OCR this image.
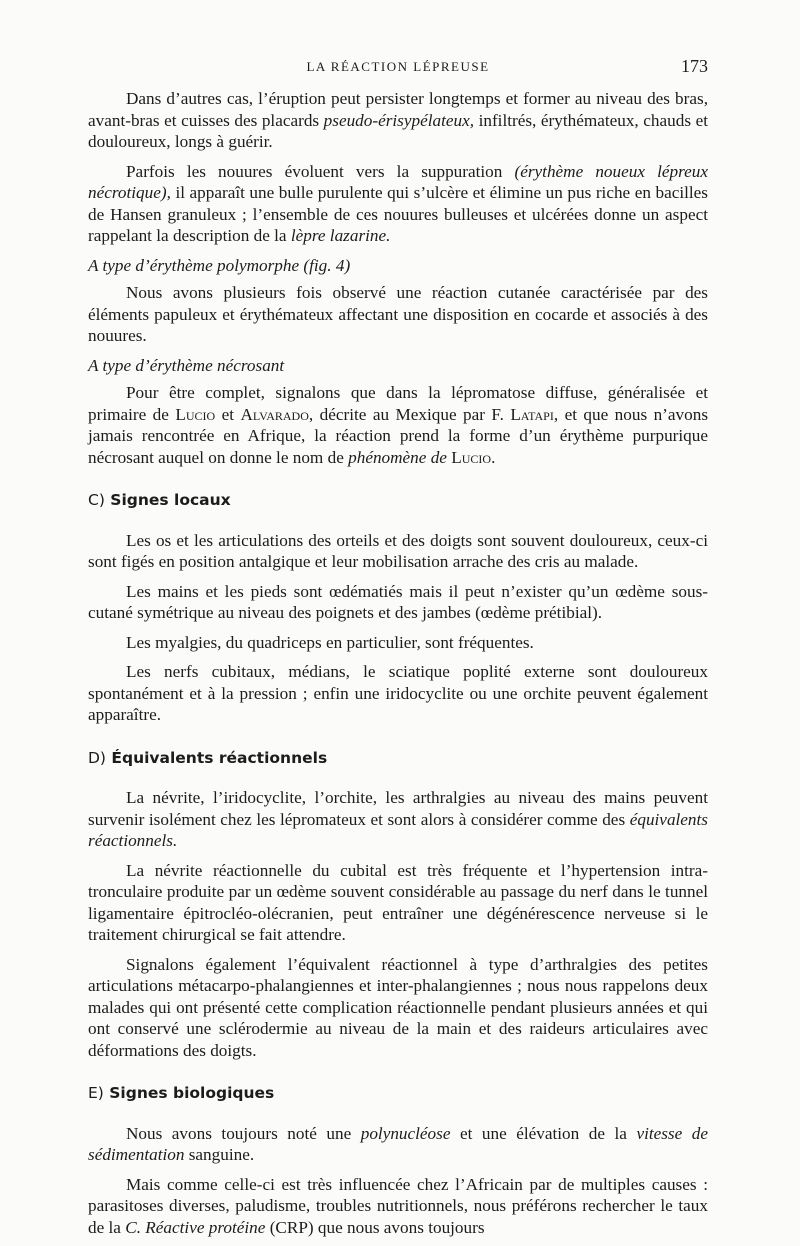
LA RÉACTION LÉPREUSE	173

Dans d’autres cas, l’éruption peut persister longtemps et former au niveau des bras, avant-bras et cuisses des placards pseudo-érisypélateux, infiltrés, érythémateux, chauds et douloureux, longs à guérir.

Parfois les nouures évoluent vers la suppuration (érythème noueux lépreux nécrotique), il apparaît une bulle purulente qui s’ulcère et élimine un pus riche en bacilles de Hansen granuleux ; l’ensemble de ces nouures bulleuses et ulcérées donne un aspect rappelant la description de la lèpre lazarine.

A type d’érythème polymorphe (fig. 4)

Nous avons plusieurs fois observé une réaction cutanée caractérisée par des éléments papuleux et érythémateux affectant une disposition en cocarde et associés à des nouures.

A type d’érythème nécrosant

Pour être complet, signalons que dans la lépromatose diffuse, généralisée et primaire de Lucio et Alvarado, décrite au Mexique par F. Latapi, et que nous n’avons jamais rencontrée en Afrique, la réaction prend la forme d’un érythème purpurique nécrosant auquel on donne le nom de phénomène de Lucio.

C) Signes locaux

Les os et les articulations des orteils et des doigts sont souvent douloureux, ceux-ci sont figés en position antalgique et leur mobilisation arrache des cris au malade.

Les mains et les pieds sont œdématiés mais il peut n’exister qu’un œdème sous-cutané symétrique au niveau des poignets et des jambes (œdème prétibial).

Les myalgies, du quadriceps en particulier, sont fréquentes.

Les nerfs cubitaux, médians, le sciatique poplité externe sont douloureux spontanément et à la pression ; enfin une iridocyclite ou une orchite peuvent également apparaître.

D) Équivalents réactionnels

La névrite, l’iridocyclite, l’orchite, les arthralgies au niveau des mains peuvent survenir isolément chez les lépromateux et sont alors à considérer comme des équivalents réactionnels.

La névrite réactionnelle du cubital est très fréquente et l’hypertension intra-tronculaire produite par un œdème souvent considérable au passage du nerf dans le tunnel ligamentaire épitrocléo-olécranien, peut entraîner une dégénérescence nerveuse si le traitement chirurgical se fait attendre.

Signalons également l’équivalent réactionnel à type d’arthralgies des petites articulations métacarpo-phalangiennes et inter-phalangiennes ; nous nous rappelons deux malades qui ont présenté cette complication réactionnelle pendant plusieurs années et qui ont conservé une sclérodermie au niveau de la main et des raideurs articulaires avec déformations des doigts.

E) Signes biologiques

Nous avons toujours noté une polynucléose et une élévation de la vitesse de sédimentation sanguine.

Mais comme celle-ci est très influencée chez l’Africain par de multiples causes : parasitoses diverses, paludisme, troubles nutritionnels, nous préférons rechercher le taux de la C. Réactive protéine (CRP) que nous avons toujours
